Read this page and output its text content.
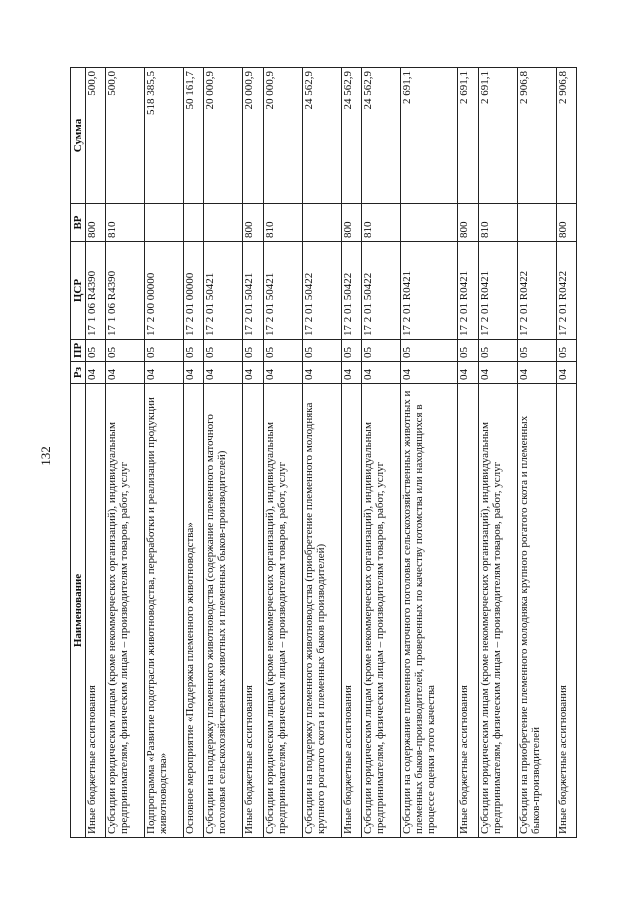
132
Наименование	Рз	ПР	ЦСР	ВР	Сумма
Иные бюджетные ассигнования	04	05	17 1 06 R4390	800	500,0
Субсидии юридическим лицам (кроме некоммерческих организаций), индивидуальным предпринимателям, физическим лицам – производителям товаров, работ, услуг	04	05	17 1 06 R4390	810	500,0
Подпрограмма «Развитие подотрасли животноводства, переработки и реализации продукции животноводства»	04	05	17 2 00 00000		518 385,5
Основное мероприятие «Поддержка племенного животноводства»	04	05	17 2 01 00000		50 161,7
Субсидии на поддержку племенного животноводства (содержание племенного маточного поголовья сельскохозяйственных животных и племенных быков-производителей)	04	05	17 2 01 50421		20 000,9
Иные бюджетные ассигнования	04	05	17 2 01 50421	800	20 000,9
Субсидии юридическим лицам (кроме некоммерческих организаций), индивидуальным предпринимателям, физическим лицам – производителям товаров, работ, услуг	04	05	17 2 01 50421	810	20 000,9
Субсидии на поддержку племенного животноводства (приобретение племенного молодняка крупного рогатого скота и племенных быков производителей)	04	05	17 2 01 50422		24 562,9
Иные бюджетные ассигнования	04	05	17 2 01 50422	800	24 562,9
Субсидии юридическим лицам (кроме некоммерческих организаций), индивидуальным предпринимателям, физическим лицам – производителям товаров, работ, услуг	04	05	17 2 01 50422	810	24 562,9
Субсидии на содержание племенного маточного поголовья сельскохозяйственных животных и племенных быков-производителей, проверенных по качеству потомства или находящихся в процессе оценки этого качества	04	05	17 2 01 R0421		2 691,1
Иные бюджетные ассигнования	04	05	17 2 01 R0421	800	2 691,1
Субсидии юридическим лицам (кроме некоммерческих организаций), индивидуальным предпринимателям, физическим лицам – производителям товаров, работ, услуг	04	05	17 2 01 R0421	810	2 691,1
Субсидии на приобретение племенного молодняка крупного рогатого скота и племенных быков-производителей	04	05	17 2 01 R0422		2 906,8
Иные бюджетные ассигнования	04	05	17 2 01 R0422	800	2 906,8
